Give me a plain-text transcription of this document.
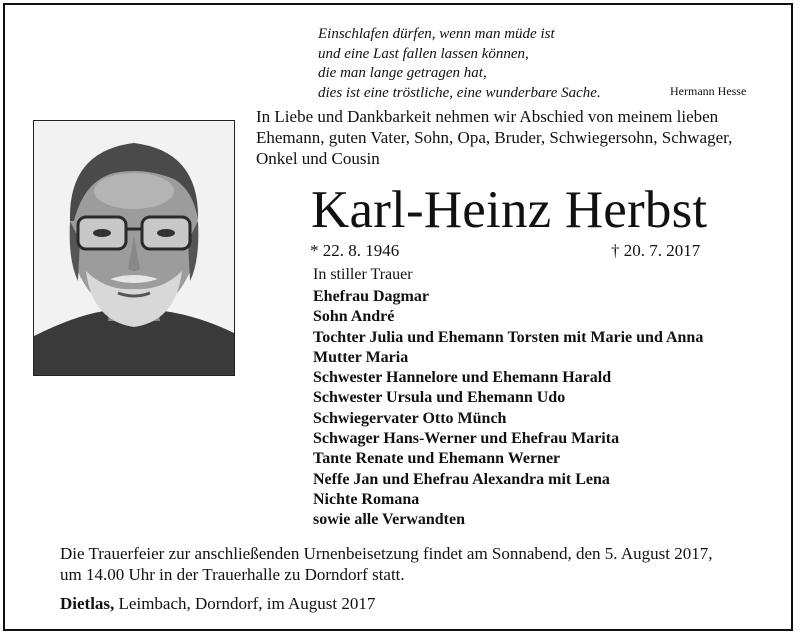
Einschlafen dürfen, wenn man müde ist
und eine Last fallen lassen können,
die man lange getragen hat,
dies ist eine tröstliche, eine wunderbare Sache.	Hermann Hesse
In Liebe und Dankbarkeit nehmen wir Abschied von meinem lieben
Ehemann, guten Vater, Sohn, Opa, Bruder, Schwiegersohn, Schwager,
Onkel und Cousin
Karl-Heinz Herbst
* 22. 8. 1946	† 20. 7. 2017
In stiller Trauer
Ehefrau Dagmar
Sohn André
Tochter Julia und Ehemann Torsten mit Marie und Anna
Mutter Maria
Schwester Hannelore und Ehemann Harald
Schwester Ursula und Ehemann Udo
Schwiegervater Otto Münch
Schwager Hans-Werner und Ehefrau Marita
Tante Renate und Ehemann Werner
Neffe Jan und Ehefrau Alexandra mit Lena
Nichte Romana
sowie alle Verwandten
Die Trauerfeier zur anschließenden Urnenbeisetzung findet am Sonnabend, den 5. August 2017,
um 14.00 Uhr in der Trauerhalle zu Dorndorf statt.
Dietlas, Leimbach, Dorndorf, im August 2017
